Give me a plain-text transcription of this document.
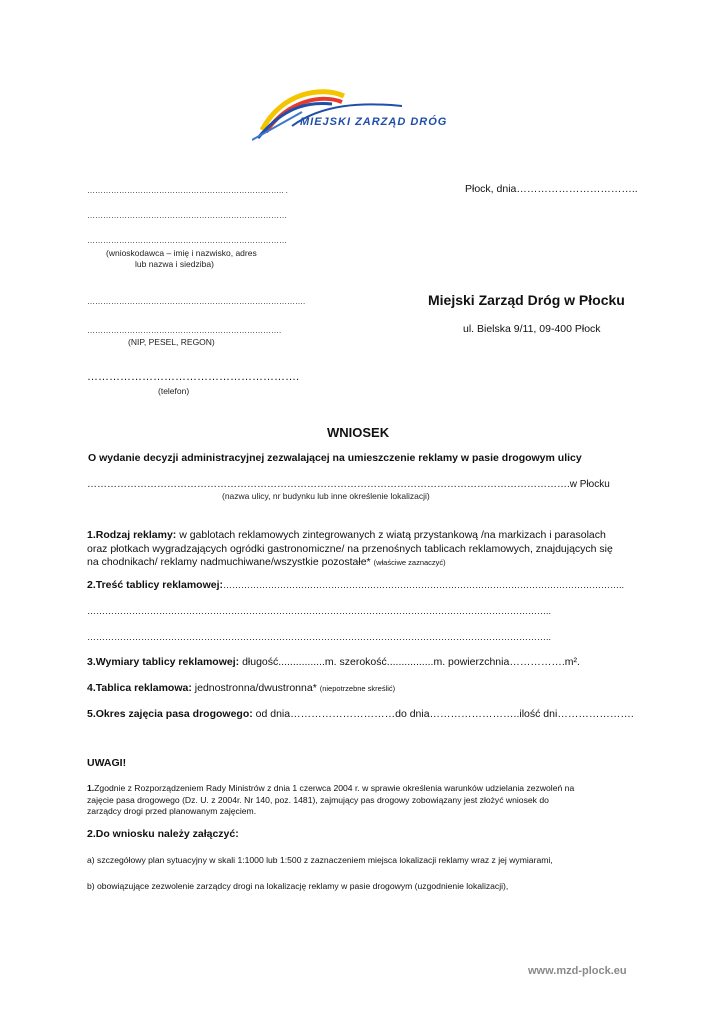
MIEJSKI ZARZĄD DRÓG
……………………………………………………………….. .
…………………………………………………………………
…………………………………………………………………
(wnioskodawca – imię i nazwisko, adres
lub nazwa i siedziba)
……………………………………………………………………….
……………………………………………………………….
(NIP, PESEL, REGON)
………………………………………………….
(telefon)
Płock, dnia……………………………..
Miejski Zarząd Dróg w Płocku
ul. Bielska 9/11, 09-400 Płock
WNIOSEK
O wydanie decyzji administracyjnej zezwalającej na umieszczenie reklamy w pasie drogowym ulicy
……………………………………………………………………………………………………………………………….w Płocku
(nazwa ulicy, nr budynku lub inne określenie lokalizacji)
1.Rodzaj reklamy: w gablotach reklamowych zintegrowanych z wiatą przystankową /na markizach i parasolach
oraz płotkach wygradzających ogródki gastronomiczne/ na przenośnych tablicach reklamowych, znajdujących się
na chodnikach/ reklamy nadmuchiwane/wszystkie pozostałe* (właściwe zaznaczyć)
2.Treść tablicy reklamowej:……………………………………………………………………………………………………………………..
………………………………………………………………………………………………………………………………………..
………………………………………………………………………………………………………………………………………..
3.Wymiary tablicy reklamowej: długość................m. szerokość................m. powierzchnia…………….m².
4.Tablica reklamowa: jednostronna/dwustronna* (niepotrzebne skreślić)
5.Okres zajęcia pasa drogowego: od dnia…………………………do dnia……………………..ilość dni………………….
UWAGI!
1.Zgodnie z Rozporządzeniem Rady Ministrów z dnia 1 czerwca 2004 r. w sprawie określenia warunków udzielania zezwoleń na
zajęcie pasa drogowego (Dz. U. z 2004r. Nr 140, poz. 1481), zajmujący pas drogowy zobowiązany jest złożyć wniosek do
zarządcy drogi przed planowanym zajęciem.
2.Do wniosku należy załączyć:
a) szczegółowy plan sytuacyjny w skali 1:1000 lub 1:500 z zaznaczeniem miejsca lokalizacji reklamy wraz z jej wymiarami,
b) obowiązujące zezwolenie zarządcy drogi na lokalizację reklamy w pasie drogowym (uzgodnienie lokalizacji),
www.mzd-plock.eu
